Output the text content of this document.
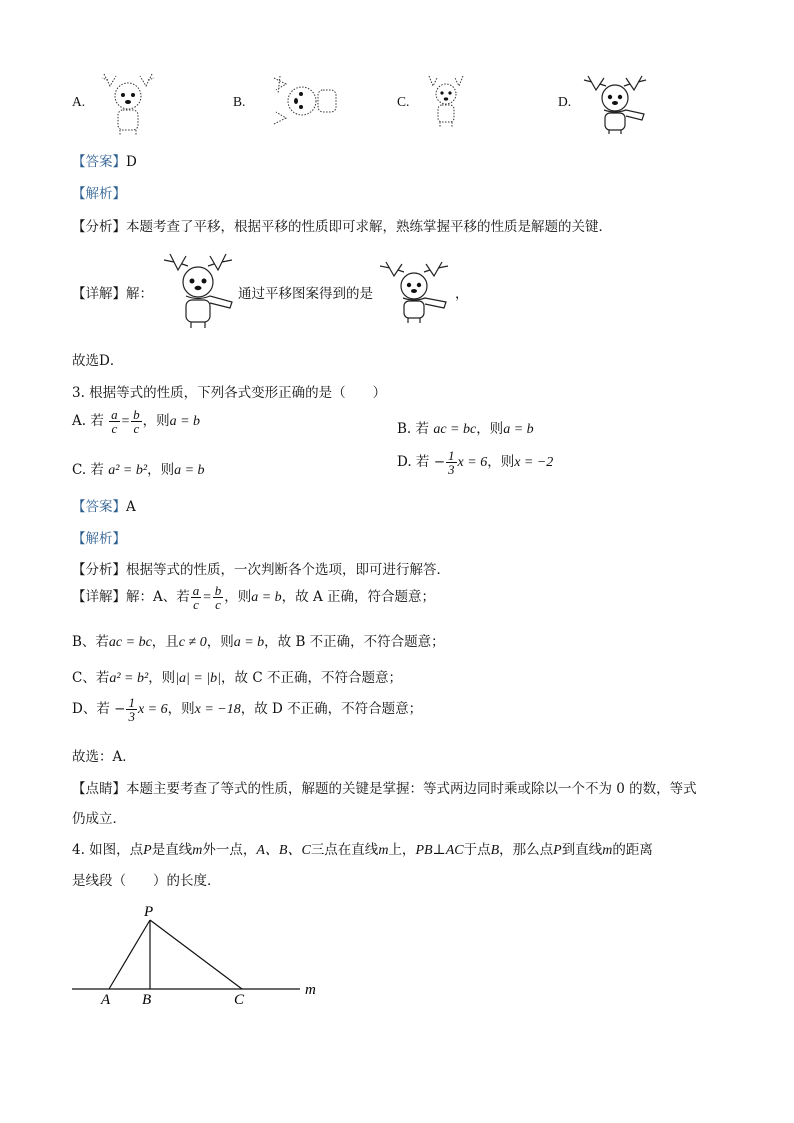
A.	B.	C.	D.
【答案】D
【解析】
【分析】本题考查了平移，根据平移的性质即可求解，熟练掌握平移的性质是解题的关键．
【详解】解：	通过平移图案得到的是	，
故选D．
3. 根据等式的性质，下列各式变形正确的是（　　）
A. 若 $\frac{a}{c} = \frac{b}{c}$ ，则a = b	B. 若 ac = bc，则a = b
C. 若 a² = b²，则a = b
D. 若 − $\frac{1}{3}$ x = 6，则x = −2
【答案】A
【解析】
【分析】根据等式的性质，一次判断各个选项，即可进行解答．
【详解】解：A、若 $\frac{a}{c} = \frac{b}{c}$ ，则a = b，故 A 正确，符合题意；
B、若ac = bc，且c ≠ 0，则a = b，故 B 不正确，不符合题意；
C、若a² = b²，则|a| = |b|，故 C 不正确，不符合题意；
D、若 − $\frac{1}{3}$ x = 6，则x = −18，故 D 不正确，不符合题意；
故选：A．
【点睛】本题主要考查了等式的性质，解题的关键是掌握：等式两边同时乘或除以一个不为 0 的数，等式
仍成立．
4. 如图，点P是直线m外一点，A、B、C三点在直线m上，PB⊥AC于点B，那么点P到直线m的距离
是线段（　　）的长度．
P
A B	C
m
